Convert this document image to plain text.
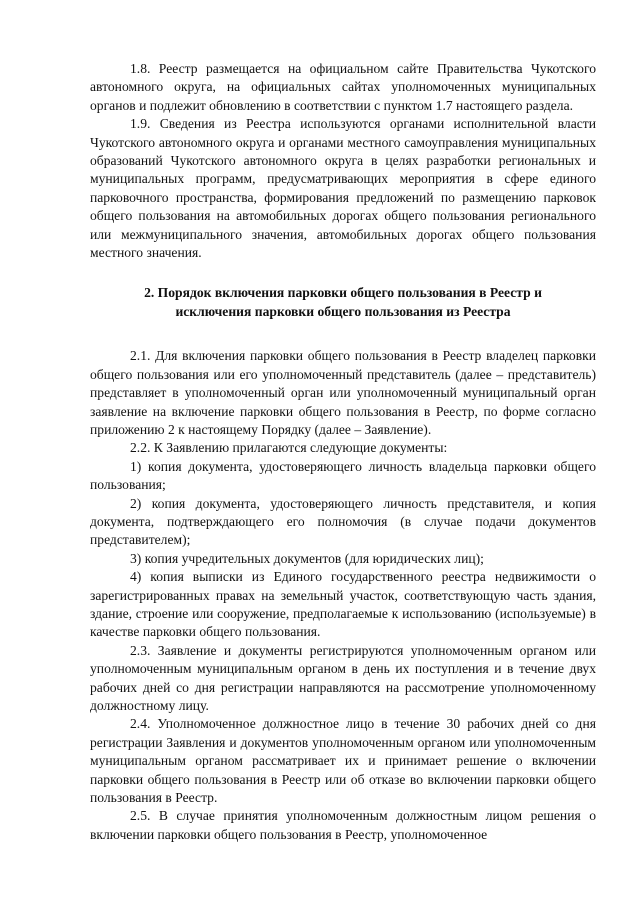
1.8. Реестр размещается на официальном сайте Правительства Чукотского автономного округа, на официальных сайтах уполномоченных муниципальных органов и подлежит обновлению в соответствии с пунктом 1.7 настоящего раздела.

1.9. Сведения из Реестра используются органами исполнительной власти Чукотского автономного округа и органами местного самоуправления муниципальных образований Чукотского автономного округа в целях разработки региональных и муниципальных программ, предусматривающих мероприятия в сфере единого парковочного пространства, формирования предложений по размещению парковок общего пользования на автомобильных дорогах общего пользования регионального или межмуниципального значения, автомобильных дорогах общего пользования местного значения.

2. Порядок включения парковки общего пользования в Реестр и
исключения парковки общего пользования из Реестра

2.1. Для включения парковки общего пользования в Реестр владелец парковки общего пользования или его уполномоченный представитель (далее – представитель) представляет в уполномоченный орган или уполномоченный муниципальный орган заявление на включение парковки общего пользования в Реестр, по форме согласно приложению 2 к настоящему Порядку (далее – Заявление).

2.2. К Заявлению прилагаются следующие документы:

1) копия документа, удостоверяющего личность владельца парковки общего пользования;

2) копия документа, удостоверяющего личность представителя, и копия документа, подтверждающего его полномочия (в случае подачи документов представителем);

3) копия учредительных документов (для юридических лиц);

4) копия выписки из Единого государственного реестра недвижимости о зарегистрированных правах на земельный участок, соответствующую часть здания, здание, строение или сооружение, предполагаемые к использованию (используемые) в качестве парковки общего пользования.

2.3. Заявление и документы регистрируются уполномоченным органом или уполномоченным муниципальным органом в день их поступления и в течение двух рабочих дней со дня регистрации направляются на рассмотрение уполномоченному должностному лицу.

2.4. Уполномоченное должностное лицо в течение 30 рабочих дней со дня регистрации Заявления и документов уполномоченным органом или уполномоченным муниципальным органом рассматривает их и принимает решение о включении парковки общего пользования в Реестр или об отказе во включении парковки общего пользования в Реестр.

2.5. В случае принятия уполномоченным должностным лицом решения о включении парковки общего пользования в Реестр, уполномоченное
